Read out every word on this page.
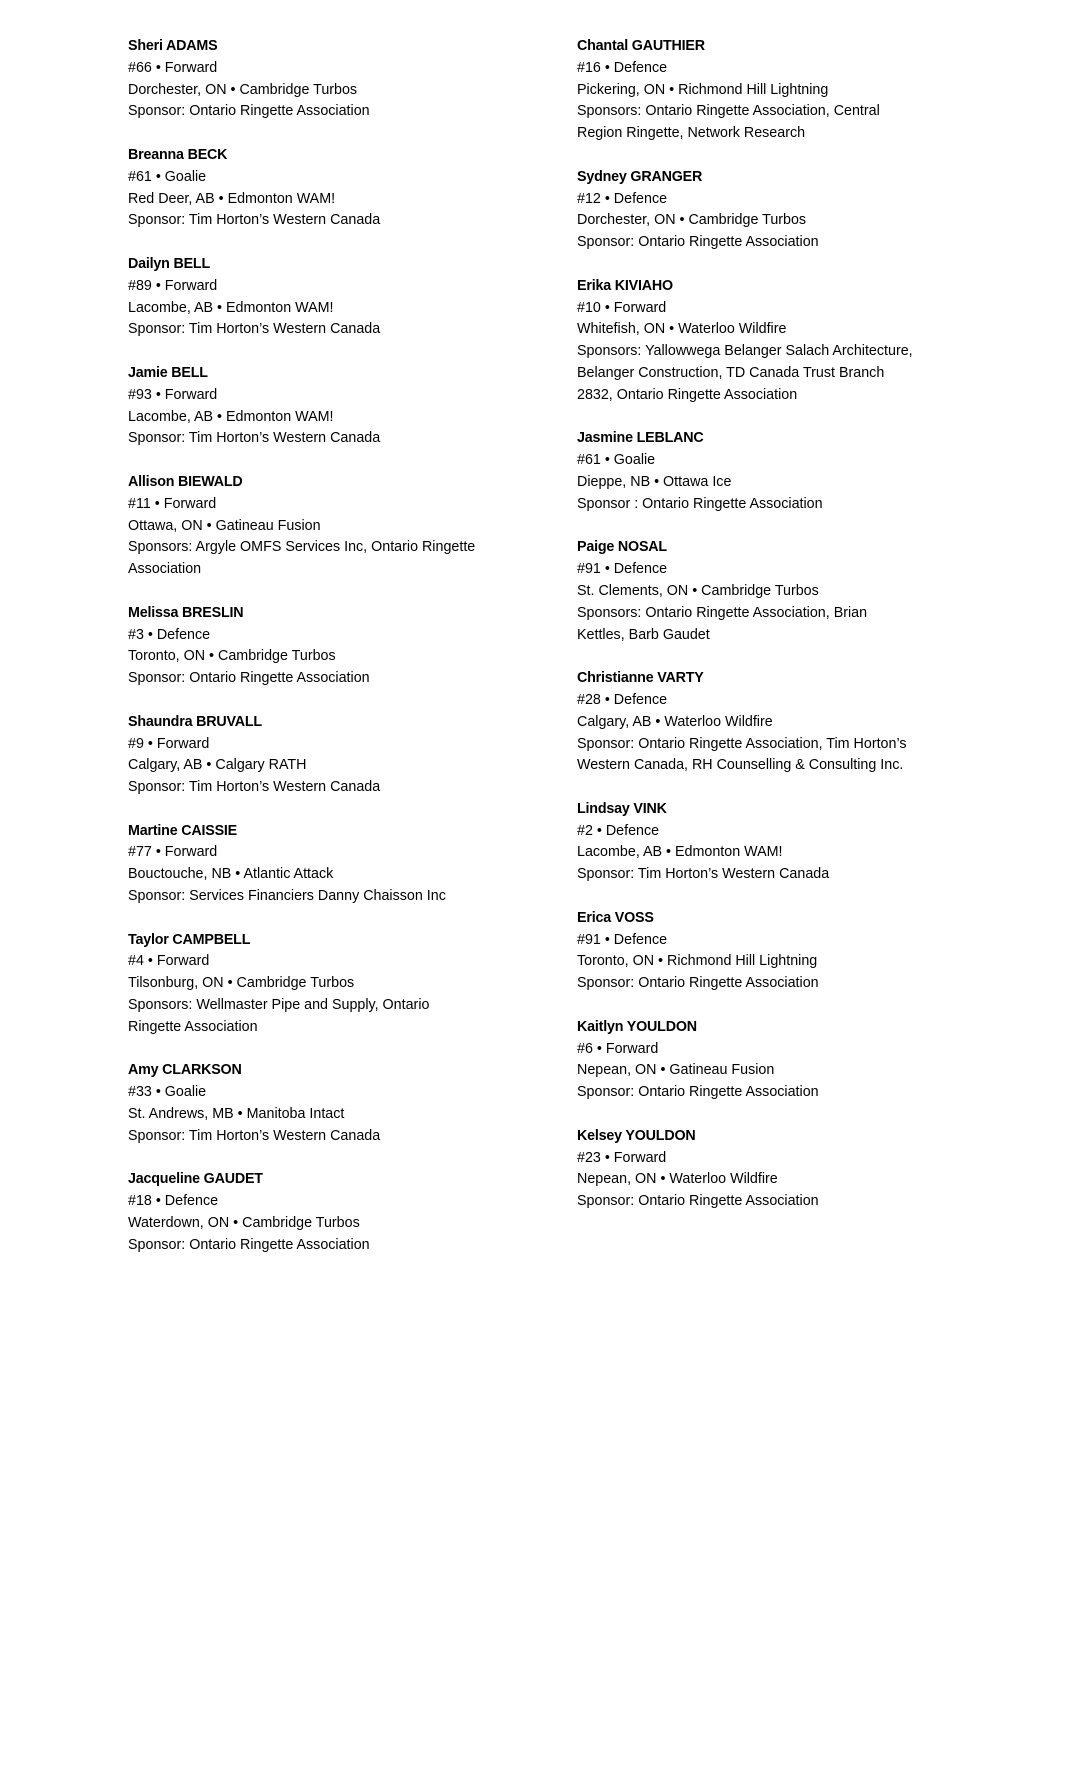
Sheri ADAMS
#66 • Forward
Dorchester, ON • Cambridge Turbos
Sponsor: Ontario Ringette Association
Breanna BECK
#61 • Goalie
Red Deer, AB • Edmonton WAM!
Sponsor: Tim Horton’s Western Canada
Dailyn BELL
#89 • Forward
Lacombe, AB • Edmonton WAM!
Sponsor: Tim Horton’s Western Canada
Jamie BELL
#93 • Forward
Lacombe, AB • Edmonton WAM!
Sponsor: Tim Horton’s Western Canada
Allison BIEWALD
#11 • Forward
Ottawa, ON • Gatineau Fusion
Sponsors: Argyle OMFS Services Inc, Ontario Ringette
Association
Melissa BRESLIN
#3 • Defence
Toronto, ON • Cambridge Turbos
Sponsor: Ontario Ringette Association
Shaundra BRUVALL
#9 • Forward
Calgary, AB • Calgary RATH
Sponsor: Tim Horton’s Western Canada
Martine CAISSIE
#77 • Forward
Bouctouche, NB • Atlantic Attack
Sponsor: Services Financiers Danny Chaisson Inc
Taylor CAMPBELL
#4 • Forward
Tilsonburg, ON • Cambridge Turbos
Sponsors: Wellmaster Pipe and Supply, Ontario
Ringette Association
Amy CLARKSON
#33 • Goalie
St. Andrews, MB • Manitoba Intact
Sponsor: Tim Horton’s Western Canada
Jacqueline GAUDET
#18 • Defence
Waterdown, ON • Cambridge Turbos
Sponsor: Ontario Ringette Association
Chantal GAUTHIER
#16 • Defence
Pickering, ON • Richmond Hill Lightning
Sponsors: Ontario Ringette Association, Central
Region Ringette, Network Research
Sydney GRANGER
#12 • Defence
Dorchester, ON • Cambridge Turbos
Sponsor: Ontario Ringette Association
Erika KIVIAHO
#10 • Forward
Whitefish, ON • Waterloo Wildfire
Sponsors: Yallowwega Belanger Salach Architecture,
Belanger Construction, TD Canada Trust Branch
2832, Ontario Ringette Association
Jasmine LEBLANC
#61 • Goalie
Dieppe, NB • Ottawa Ice
Sponsor : Ontario Ringette Association
Paige NOSAL
#91 • Defence
St. Clements, ON • Cambridge Turbos
Sponsors: Ontario Ringette Association, Brian
Kettles, Barb Gaudet
Christianne VARTY
#28 • Defence
Calgary, AB • Waterloo Wildfire
Sponsor: Ontario Ringette Association, Tim Horton’s
Western Canada, RH Counselling & Consulting Inc.
Lindsay VINK
#2 • Defence
Lacombe, AB • Edmonton WAM!
Sponsor: Tim Horton’s Western Canada
Erica VOSS
#91 • Defence
Toronto, ON • Richmond Hill Lightning
Sponsor: Ontario Ringette Association
Kaitlyn YOULDON
#6 • Forward
Nepean, ON • Gatineau Fusion
Sponsor: Ontario Ringette Association
Kelsey YOULDON
#23 • Forward
Nepean, ON • Waterloo Wildfire
Sponsor: Ontario Ringette Association
